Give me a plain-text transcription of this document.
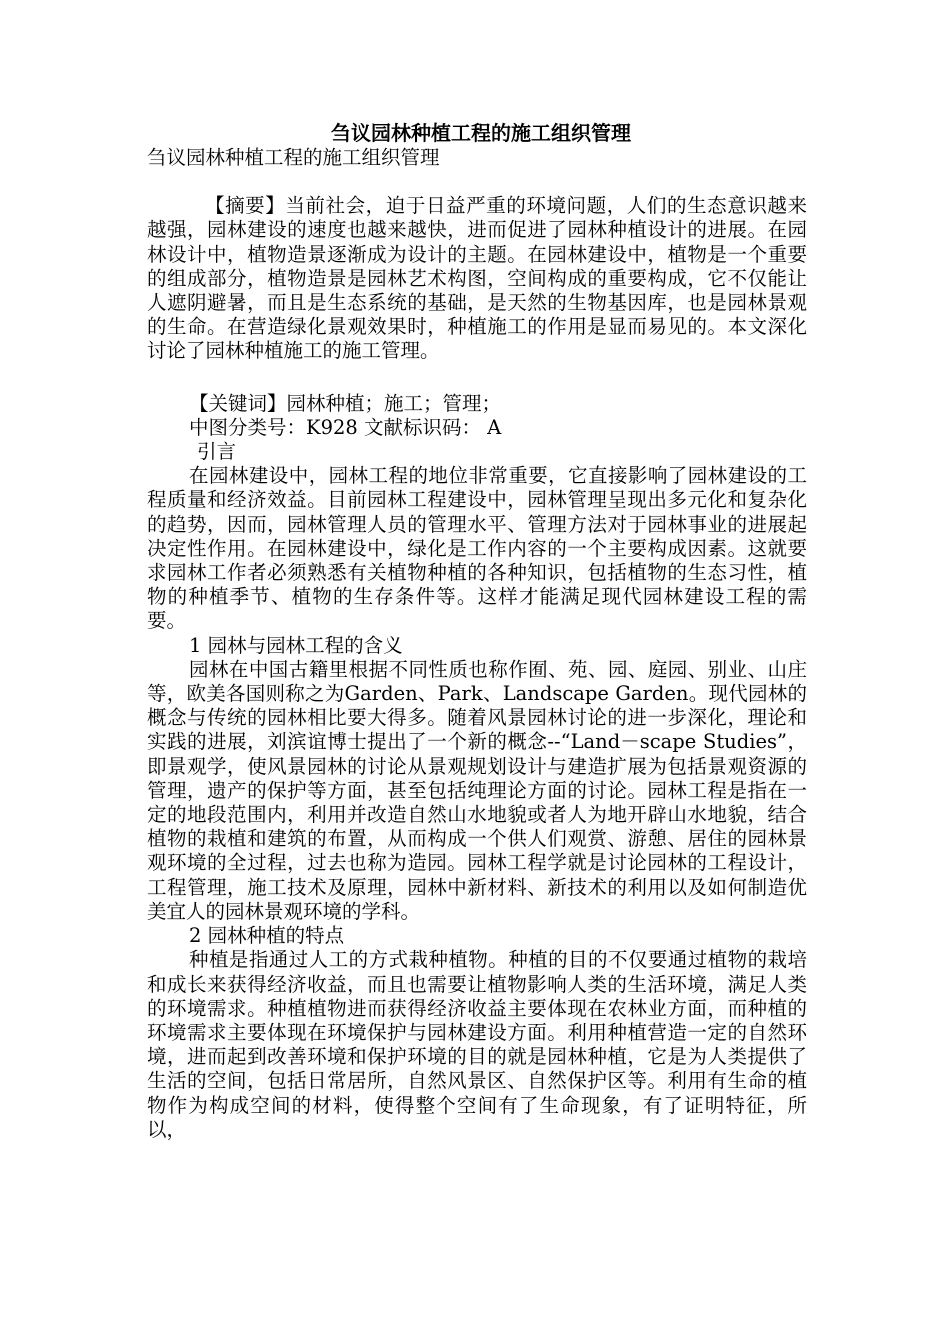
刍议园林种植工程的施工组织管理

刍议园林种植工程的施工组织管理

【摘要】当前社会，迫于日益严重的环境问题，人们的生态意识越来越强，园林建设的速度也越来越快，进而促进了园林种植设计的进展。在园林设计中，植物造景逐渐成为设计的主题。在园林建设中，植物是一个重要的组成部分，植物造景是园林艺术构图，空间构成的重要构成，它不仅能让人遮阴避暑，而且是生态系统的基础，是天然的生物基因库，也是园林景观的生命。在营造绿化景观效果时，种植施工的作用是显而易见的。本文深化讨论了园林种植施工的施工管理。

【关键词】园林种植；施工；管理；

中图分类号：K928 文献标识码： A

引言

在园林建设中，园林工程的地位非常重要，它直接影响了园林建设的工程质量和经济效益。目前园林工程建设中，园林管理呈现出多元化和复杂化的趋势，因而，园林管理人员的管理水平、管理方法对于园林事业的进展起决定性作用。在园林建设中，绿化是工作内容的一个主要构成因素。这就要求园林工作者必须熟悉有关植物种植的各种知识，包括植物的生态习性，植物的种植季节、植物的生存条件等。这样才能满足现代园林建设工程的需要。

1 园林与园林工程的含义

园林在中国古籍里根据不同性质也称作囿、苑、园、庭园、别业、山庄等，欧美各国则称之为Garden、Park、Landscape Garden。现代园林的概念与传统的园林相比要大得多。随着风景园林讨论的进一步深化，理论和实践的进展，刘滨谊博士提出了一个新的概念--“Land－scape Studies”，即景观学，使风景园林的讨论从景观规划设计与建造扩展为包括景观资源的管理，遗产的保护等方面，甚至包括纯理论方面的讨论。园林工程是指在一定的地段范围内，利用并改造自然山水地貌或者人为地开辟山水地貌，结合植物的栽植和建筑的布置，从而构成一个供人们观赏、游憩、居住的园林景观环境的全过程，过去也称为造园。园林工程学就是讨论园林的工程设计，工程管理，施工技术及原理，园林中新材料、新技术的利用以及如何制造优美宜人的园林景观环境的学科。

2 园林种植的特点

种植是指通过人工的方式栽种植物。种植的目的不仅要通过植物的栽培和成长来获得经济收益，而且也需要让植物影响人类的生活环境，满足人类的环境需求。种植植物进而获得经济收益主要体现在农林业方面，而种植的环境需求主要体现在环境保护与园林建设方面。利用种植营造一定的自然环境，进而起到改善环境和保护环境的目的就是园林种植，它是为人类提供了生活的空间，包括日常居所，自然风景区、自然保护区等。利用有生命的植物作为构成空间的材料，使得整个空间有了生命现象，有了证明特征，所以，
